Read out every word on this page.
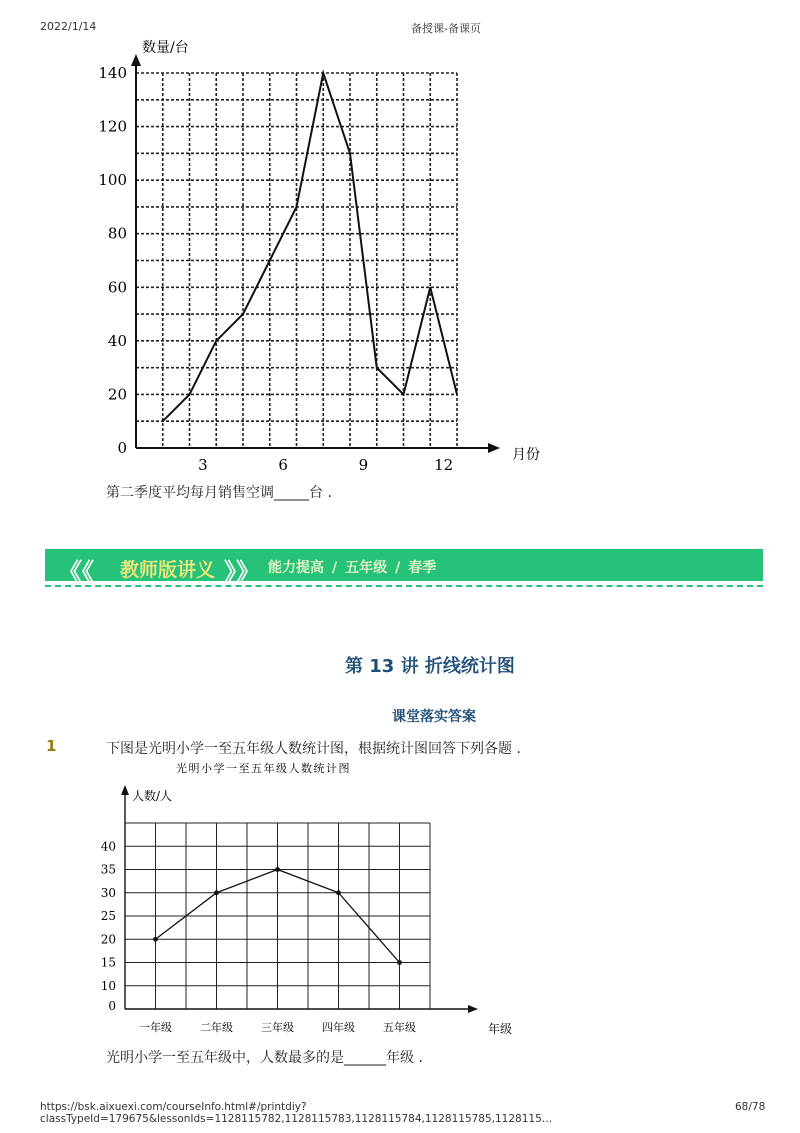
2022/1/14	备授课-备课页
数量/台
月份
0
20
40
60
80
100
120
140
3	6	9	12
第二季度平均每月销售空调_____台 .
《《 教师版讲义 》》 能力提高 / 五年级 / 春季
第 13 讲 折线统计图
课堂落实答案
1	下图是光明小学一至五年级人数统计图，根据统计图回答下列各题 .
光明小学一至五年级人数统计图
人数/人
年级
0
10
15
20
25
30
35
40
一年级	二年级	三年级	四年级	五年级
光明小学一至五年级中，人数最多的是______年级 .
https://bsk.aixuexi.com/courseInfo.html#/printdiy?classTypeId=179675&lessonIds=1128115782,1128115783,1128115784,1128115785,1128115…
68/78
